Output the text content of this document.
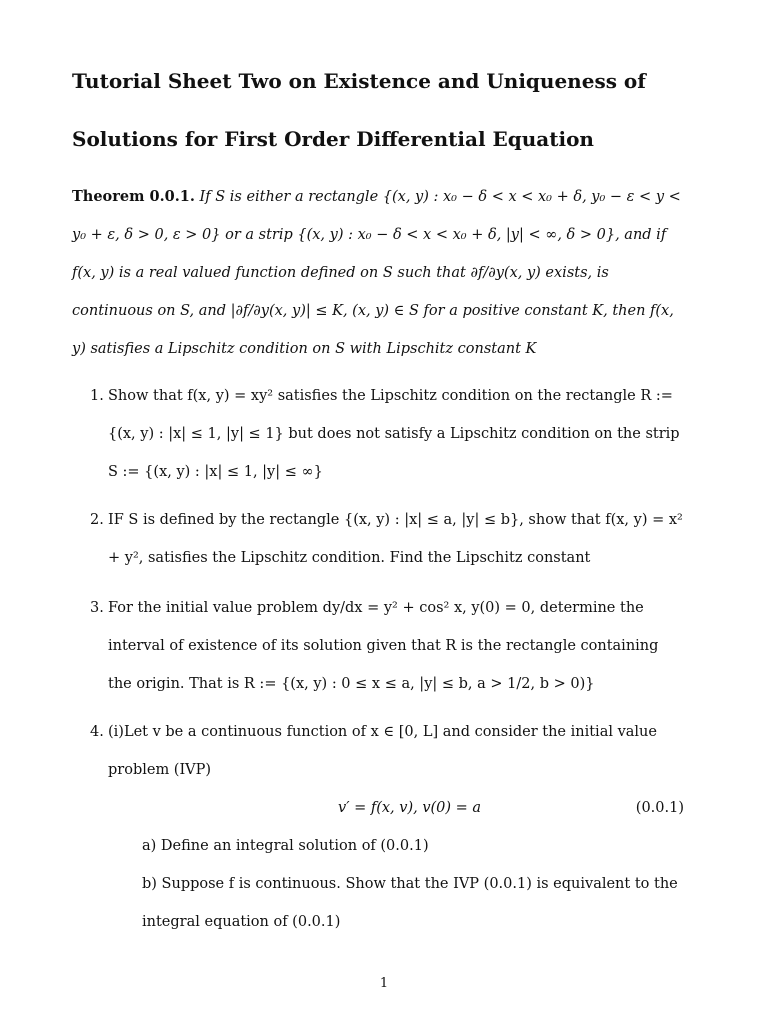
Tutorial Sheet Two on Existence and Uniqueness of Solutions for First Order Differential Equation
Theorem 0.0.1. If S is either a rectangle {(x, y) : x₀ − δ < x < x₀ + δ, y₀ − ε < y < y₀ + ε, δ > 0, ε > 0} or a strip {(x, y) : x₀ − δ < x < x₀ + δ, |y| < ∞, δ > 0}, and if f(x, y) is a real valued function defined on S such that ∂f/∂y(x, y) exists, is continuous on S, and |∂f/∂y(x, y)| ≤ K, (x, y) ∈ S for a positive constant K, then f(x, y) satisfies a Lipschitz condition on S with Lipschitz constant K
1. Show that f(x, y) = xy² satisfies the Lipschitz condition on the rectangle R := {(x, y) : |x| ≤ 1, |y| ≤ 1} but does not satisfy a Lipschitz condition on the strip S := {(x, y) : |x| ≤ 1, |y| ≤ ∞}
2. IF S is defined by the rectangle {(x, y) : |x| ≤ a, |y| ≤ b}, show that f(x, y) = x² + y², satisfies the Lipschitz condition. Find the Lipschitz constant
3. For the initial value problem dy/dx = y² + cos² x, y(0) = 0, determine the interval of existence of its solution given that R is the rectangle containing the origin. That is R := {(x, y) : 0 ≤ x ≤ a, |y| ≤ b, a > 1/2, b > 0)}
4. (i)Let v be a continuous function of x ∈ [0, L] and consider the initial value problem (IVP)
v′ = f(x, v), v(0) = a	(0.0.1)
a) Define an integral solution of (0.0.1)
b) Suppose f is continuous. Show that the IVP (0.0.1) is equivalent to the integral equation of (0.0.1)
1
